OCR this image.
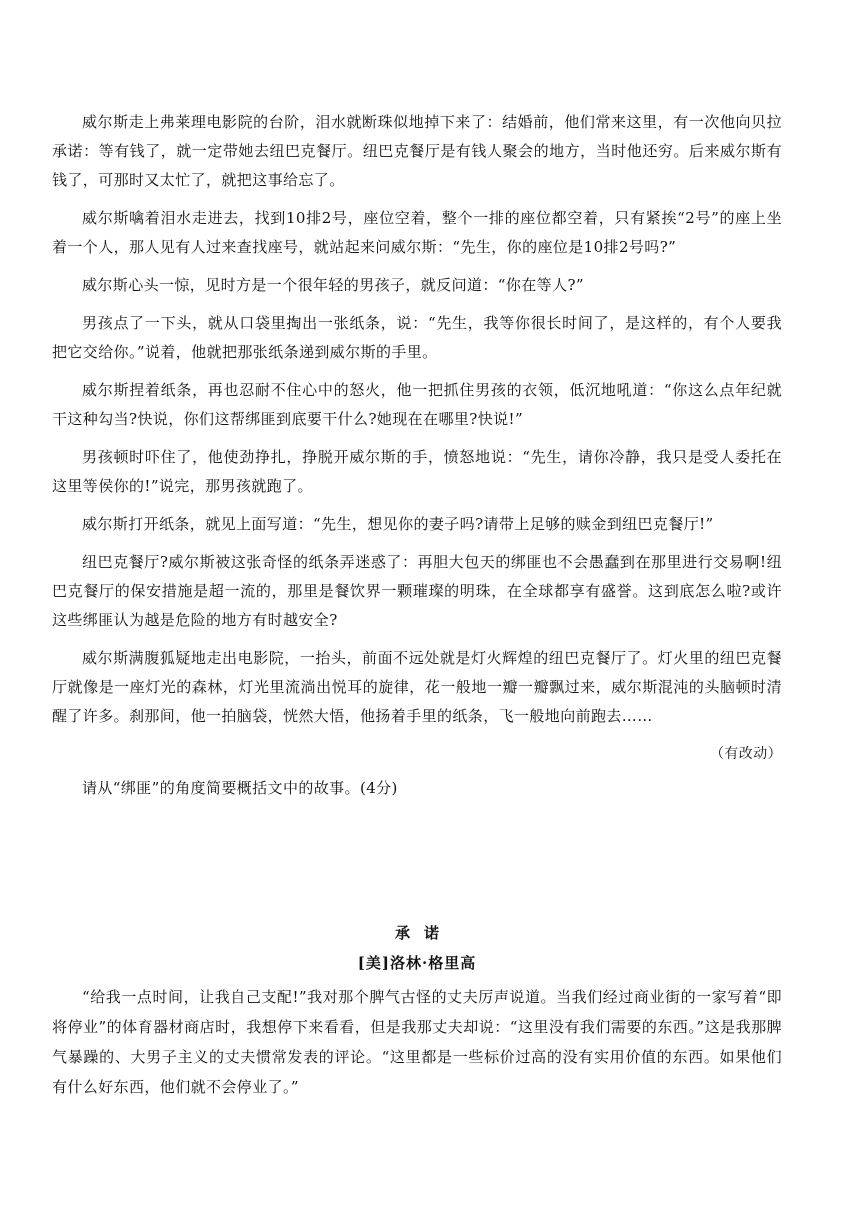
威尔斯走上弗莱理电影院的台阶，泪水就断珠似地掉下来了：结婚前，他们常来这里，有一次他向贝拉承诺：等有钱了，就一定带她去纽巴克餐厅。纽巴克餐厅是有钱人聚会的地方，当时他还穷。后来威尔斯有钱了，可那时又太忙了，就把这事给忘了。

威尔斯噙着泪水走进去，找到10排2号，座位空着，整个一排的座位都空着，只有紧挨“2号”的座上坐着一个人，那人见有人过来查找座号，就站起来问威尔斯：“先生，你的座位是10排2号吗?”

威尔斯心头一惊，见时方是一个很年轻的男孩子，就反问道：“你在等人?”

男孩点了一下头，就从口袋里掏出一张纸条，说：“先生，我等你很长时间了，是这样的，有个人要我把它交给你。”说着，他就把那张纸条递到威尔斯的手里。

威尔斯捏着纸条，再也忍耐不住心中的怒火，他一把抓住男孩的衣领，低沉地吼道：“你这么点年纪就干这种勾当?快说，你们这帮绑匪到底要干什么?她现在在哪里?快说!”

男孩顿时吓住了，他使劲挣扎，挣脱开威尔斯的手，愤怒地说：“先生，请你冷静，我只是受人委托在这里等侯你的!”说完，那男孩就跑了。

威尔斯打开纸条，就见上面写道：“先生，想见你的妻子吗?请带上足够的赎金到纽巴克餐厅!”

纽巴克餐厅?威尔斯被这张奇怪的纸条弄迷惑了：再胆大包天的绑匪也不会愚蠢到在那里进行交易啊!纽巴克餐厅的保安措施是超一流的，那里是餐饮界一颗璀璨的明珠，在全球都享有盛誉。这到底怎么啦?或许这些绑匪认为越是危险的地方有时越安全?

威尔斯满腹狐疑地走出电影院，一抬头，前面不远处就是灯火辉煌的纽巴克餐厅了。灯火里的纽巴克餐厅就像是一座灯光的森林，灯光里流淌出悦耳的旋律，花一般地一瓣一瓣飘过来，威尔斯混沌的头脑顿时清醒了许多。刹那间，他一拍脑袋，恍然大悟，他扬着手里的纸条，飞一般地向前跑去……

（有改动）

请从“绑匪”的角度简要概括文中的故事。(4分)

承诺
[美]洛林·格里高

“给我一点时间，让我自己支配!”我对那个脾气古怪的丈夫厉声说道。当我们经过商业街的一家写着“即将停业”的体育器材商店时，我想停下来看看，但是我那丈夫却说：“这里没有我们需要的东西。”这是我那脾气暴躁的、大男子主义的丈夫惯常发表的评论。“这里都是一些标价过高的没有实用价值的东西。如果他们有什么好东西，他们就不会停业了。”
